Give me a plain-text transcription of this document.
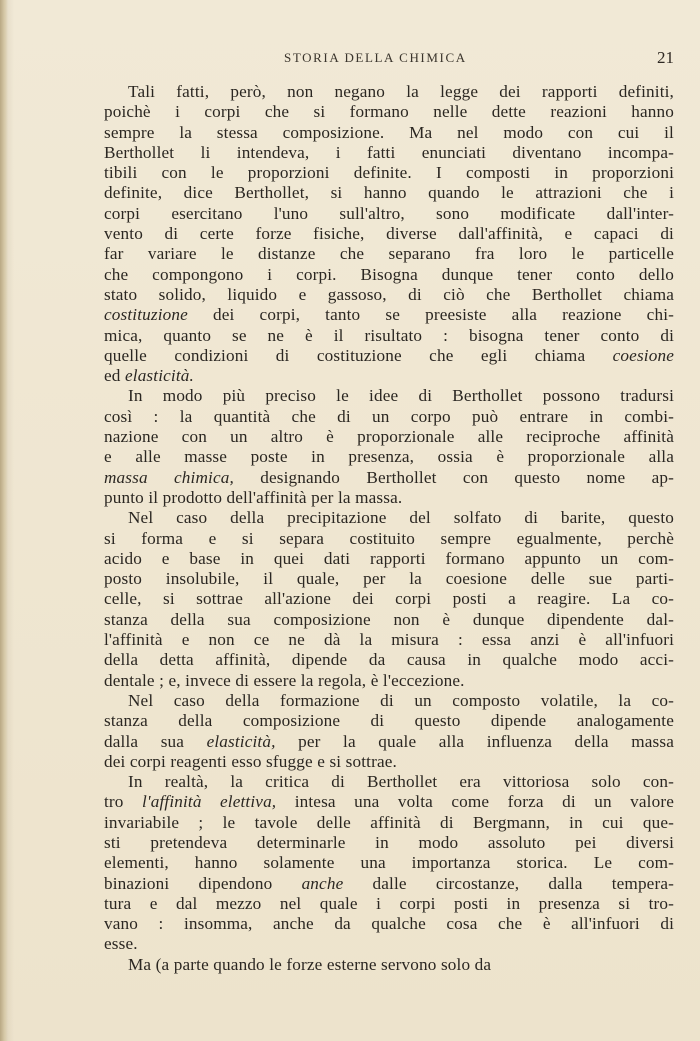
STORIA DELLA CHIMICA	21
Tali fatti, però, non negano la legge dei rapporti definiti,
poichè i corpi che si formano nelle dette reazioni hanno
sempre la stessa composizione. Ma nel modo con cui il
Berthollet li intendeva, i fatti enunciati diventano incompa-
tibili con le proporzioni definite. I composti in proporzioni
definite, dice Berthollet, si hanno quando le attrazioni che i
corpi esercitano l'uno sull'altro, sono modificate dall'inter-
vento di certe forze fisiche, diverse dall'affinità, e capaci di
far variare le distanze che separano fra loro le particelle
che compongono i corpi. Bisogna dunque tener conto dello
stato solido, liquido e gassoso, di ciò che Berthollet chiama
costituzione dei corpi, tanto se preesiste alla reazione chi-
mica, quanto se ne è il risultato : bisogna tener conto di
quelle condizioni di costituzione che egli chiama coesione
ed elasticità.
In modo più preciso le idee di Berthollet possono tradursi
così : la quantità che di un corpo può entrare in combi-
nazione con un altro è proporzionale alle reciproche affinità
e alle masse poste in presenza, ossia è proporzionale alla
massa chimica, designando Berthollet con questo nome ap-
punto il prodotto dell'affinità per la massa.
Nel caso della precipitazione del solfato di barite, questo
si forma e si separa costituito sempre egualmente, perchè
acido e base in quei dati rapporti formano appunto un com-
posto insolubile, il quale, per la coesione delle sue parti-
celle, si sottrae all'azione dei corpi posti a reagire. La co-
stanza della sua composizione non è dunque dipendente dal-
l'affinità e non ce ne dà la misura : essa anzi è all'infuori
della detta affinità, dipende da causa in qualche modo acci-
dentale ; e, invece di essere la regola, è l'eccezione.
Nel caso della formazione di un composto volatile, la co-
stanza della composizione di questo dipende analogamente
dalla sua elasticità, per la quale alla influenza della massa
dei corpi reagenti esso sfugge e si sottrae.
In realtà, la critica di Berthollet era vittoriosa solo con-
tro l'affinità elettiva, intesa una volta come forza di un valore
invariabile ; le tavole delle affinità di Bergmann, in cui que-
sti pretendeva determinarle in modo assoluto pei diversi
elementi, hanno solamente una importanza storica. Le com-
binazioni dipendono anche dalle circostanze, dalla tempera-
tura e dal mezzo nel quale i corpi posti in presenza si tro-
vano : insomma, anche da qualche cosa che è all'infuori di
esse.
Ma (a parte quando le forze esterne servono solo da
